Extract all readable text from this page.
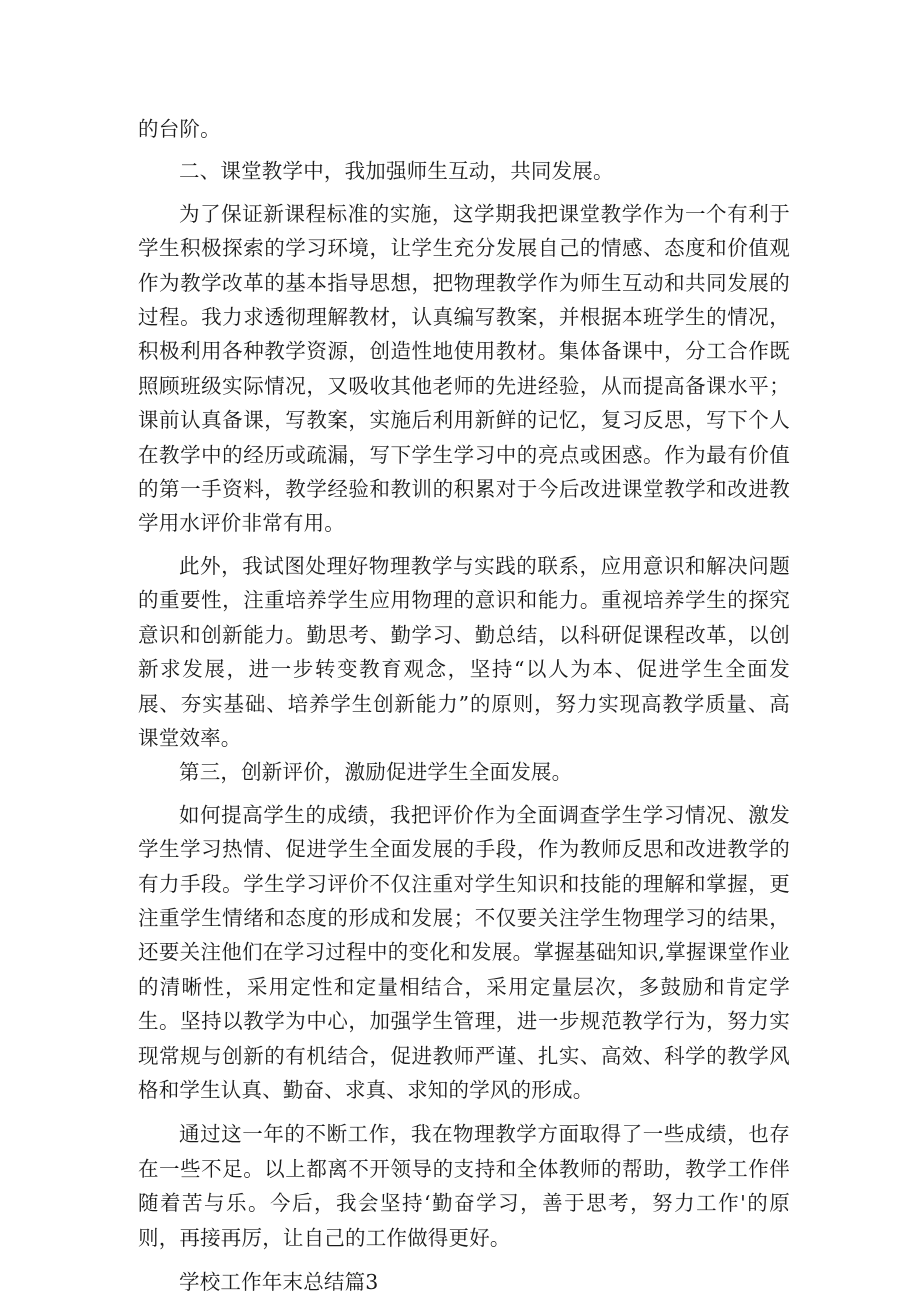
的台阶。

二、课堂教学中，我加强师生互动，共同发展。

为了保证新课程标准的实施，这学期我把课堂教学作为一个有利于学生积极探索的学习环境，让学生充分发展自己的情感、态度和价值观作为教学改革的基本指导思想，把物理教学作为师生互动和共同发展的过程。我力求透彻理解教材，认真编写教案，并根据本班学生的情况，积极利用各种教学资源，创造性地使用教材。集体备课中，分工合作既照顾班级实际情况，又吸收其他老师的先进经验，从而提高备课水平；课前认真备课，写教案，实施后利用新鲜的记忆，复习反思，写下个人在教学中的经历或疏漏，写下学生学习中的亮点或困惑。作为最有价值的第一手资料，教学经验和教训的积累对于今后改进课堂教学和改进教学用水评价非常有用。

此外，我试图处理好物理教学与实践的联系，应用意识和解决问题的重要性，注重培养学生应用物理的意识和能力。重视培养学生的探究意识和创新能力。勤思考、勤学习、勤总结，以科研促课程改革，以创新求发展，进一步转变教育观念，坚持“以人为本、促进学生全面发展、夯实基础、培养学生创新能力”的原则，努力实现高教学质量、高课堂效率。

第三，创新评价，激励促进学生全面发展。

如何提高学生的成绩，我把评价作为全面调查学生学习情况、激发学生学习热情、促进学生全面发展的手段，作为教师反思和改进教学的有力手段。学生学习评价不仅注重对学生知识和技能的理解和掌握，更注重学生情绪和态度的形成和发展；不仅要关注学生物理学习的结果，还要关注他们在学习过程中的变化和发展。掌握基础知识,掌握课堂作业的清晰性，采用定性和定量相结合，采用定量层次，多鼓励和肯定学生。坚持以教学为中心，加强学生管理，进一步规范教学行为，努力实现常规与创新的有机结合，促进教师严谨、扎实、高效、科学的教学风格和学生认真、勤奋、求真、求知的学风的形成。

通过这一年的不断工作，我在物理教学方面取得了一些成绩，也存在一些不足。以上都离不开领导的支持和全体教师的帮助，教学工作伴随着苦与乐。今后，我会坚持‘勤奋学习，善于思考，努力工作'的原则，再接再厉，让自己的工作做得更好。

学校工作年末总结篇3
